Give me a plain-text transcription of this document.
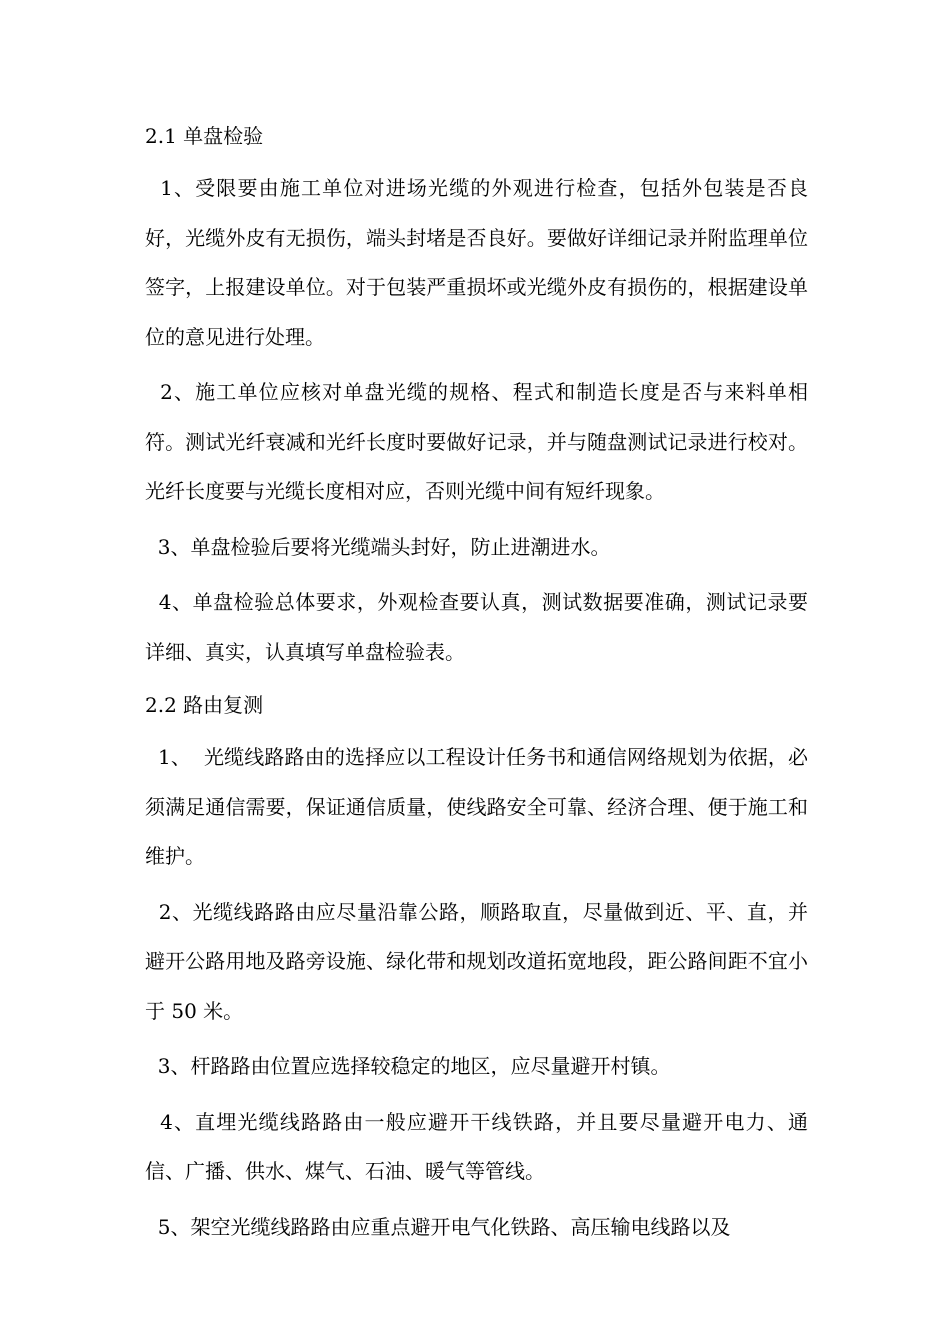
2.1 单盘检验

1、受限要由施工单位对进场光缆的外观进行检查，包括外包装是否良好，光缆外皮有无损伤，端头封堵是否良好。要做好详细记录并附监理单位签字，上报建设单位。对于包装严重损坏或光缆外皮有损伤的，根据建设单位的意见进行处理。

2、施工单位应核对单盘光缆的规格、程式和制造长度是否与来料单相符。测试光纤衰减和光纤长度时要做好记录，并与随盘测试记录进行校对。光纤长度要与光缆长度相对应，否则光缆中间有短纤现象。

3、单盘检验后要将光缆端头封好，防止进潮进水。

4、单盘检验总体要求，外观检查要认真，测试数据要准确，测试记录要详细、真实，认真填写单盘检验表。

2.2 路由复测

1、  光缆线路路由的选择应以工程设计任务书和通信网络规划为依据，必须满足通信需要，保证通信质量，使线路安全可靠、经济合理、便于施工和维护。

2、光缆线路路由应尽量沿靠公路，顺路取直，尽量做到近、平、直，并避开公路用地及路旁设施、绿化带和规划改道拓宽地段，距公路间距不宜小于 50 米。

3、杆路路由位置应选择较稳定的地区，应尽量避开村镇。

4、直埋光缆线路路由一般应避开干线铁路，并且要尽量避开电力、通信、广播、供水、煤气、石油、暖气等管线。

5、架空光缆线路路由应重点避开电气化铁路、高压输电线路以及
